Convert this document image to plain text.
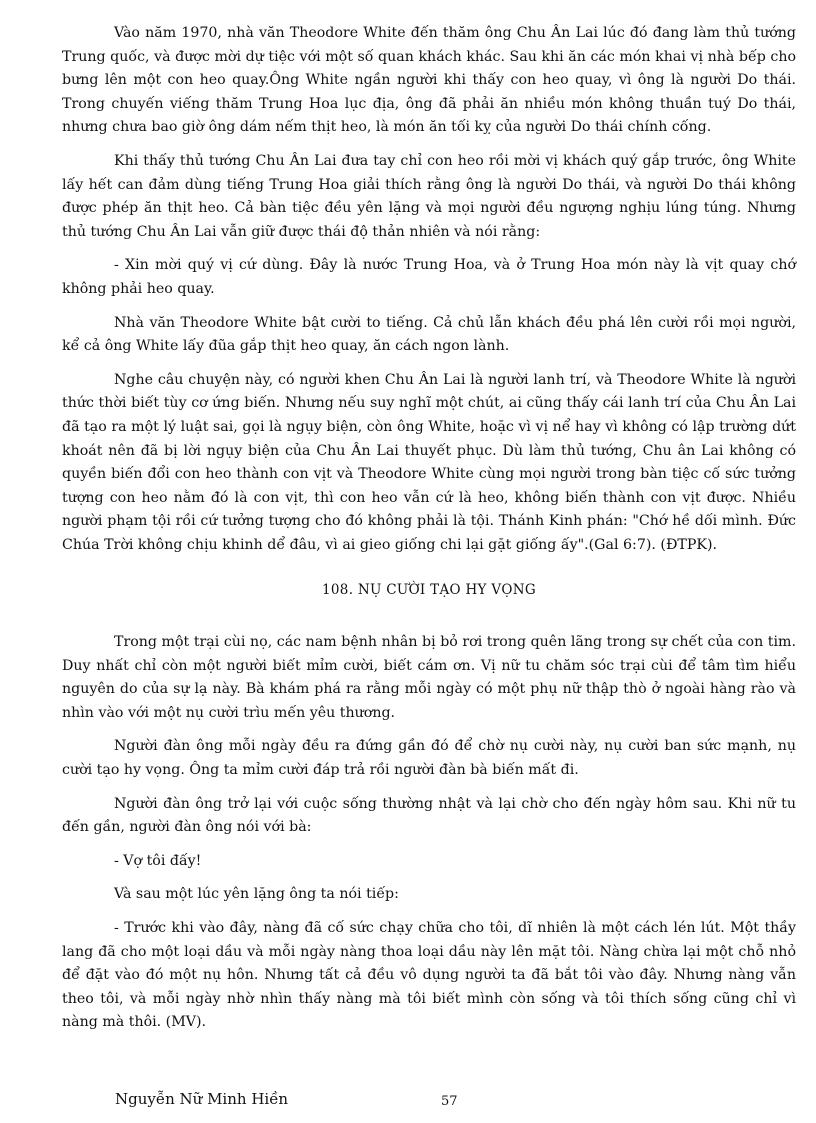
Vào năm 1970, nhà văn Theodore White đến thăm ông Chu Ân Lai lúc đó đang làm thủ tướng Trung quốc, và được mời dự tiệc với một số quan khách khác. Sau khi ăn các món khai vị nhà bếp cho bưng lên một con heo quay.Ông White ngần người khi thấy con heo quay, vì ông là người Do thái. Trong chuyến viếng thăm Trung Hoa lục địa, ông đã phải ăn nhiều món không thuần tuý Do thái, nhưng chưa bao giờ ông dám nếm thịt heo, là món ăn tối kỵ của người Do thái chính cống.

Khi thấy thủ tướng Chu Ân Lai đưa tay chỉ con heo rồi mời vị khách quý gắp trước, ông White lấy hết can đảm dùng tiếng Trung Hoa giải thích rằng ông là người Do thái, và người Do thái không được phép ăn thịt heo. Cả bàn tiệc đều yên lặng và mọi người đều ngượng nghịu lúng túng. Nhưng thủ tướng Chu Ân Lai vẫn giữ được thái độ thản nhiên và nói rằng:

- Xin mời quý vị cứ dùng. Đây là nước Trung Hoa, và ở Trung Hoa món này là vịt quay chớ không phải heo quay.

Nhà văn Theodore White bật cười to tiếng. Cả chủ lẫn khách đều phá lên cười rồi mọi người, kể cả ông White lấy đũa gắp thịt heo quay, ăn cách ngon lành.

Nghe câu chuyện này, có người khen Chu Ân Lai là người lanh trí, và Theodore White là người thức thời biết tùy cơ ứng biến. Nhưng nếu suy nghĩ một chút, ai cũng thấy cái lanh trí của Chu Ân Lai đã tạo ra một lý luật sai, gọi là ngụy biện, còn ông White, hoặc vì vị nể hay vì không có lập trường dứt khoát nên đã bị lời ngụy biện của Chu Ân Lai thuyết phục. Dù làm thủ tướng, Chu ân Lai không có quyền biến đổi con heo thành con vịt và Theodore White cùng mọi người trong bàn tiệc cố sức tưởng tượng con heo nằm đó là con vịt, thì con heo vẫn cứ là heo, không biến thành con vịt được. Nhiều người phạm tội rồi cứ tưởng tượng cho đó không phải là tội. Thánh Kinh phán: "Chớ hề dối mình. Đức Chúa Trời không chịu khinh dể đâu, vì ai gieo giống chi lại gặt giống ấy".(Gal 6:7). (ĐTPK).

108. NỤ CƯỜI TẠO HY VỌNG

Trong một trại cùi nọ, các nam bệnh nhân bị bỏ rơi trong quên lãng trong sự chết của con tim. Duy nhất chỉ còn một người biết mỉm cười, biết cám ơn. Vị nữ tu chăm sóc trại cùi để tâm tìm hiểu nguyên do của sự lạ này. Bà khám phá ra rằng mỗi ngày có một phụ nữ thập thò ở ngoài hàng rào và nhìn vào với một nụ cười trìu mến yêu thương.

Người đàn ông mỗi ngày đều ra đứng gần đó để chờ nụ cười này, nụ cười ban sức mạnh, nụ cười tạo hy vọng. Ông ta mỉm cười đáp trả rồi người đàn bà biến mất đi.

Người đàn ông trở lại với cuộc sống thường nhật và lại chờ cho đến ngày hôm sau. Khi nữ tu đến gần, người đàn ông nói với bà:

- Vợ tôi đấy!

Và sau một lúc yên lặng ông ta nói tiếp:

- Trước khi vào đây, nàng đã cố sức chạy chữa cho tôi, dĩ nhiên là một cách lén lút. Một thầy lang đã cho một loại dầu và mỗi ngày nàng thoa loại dầu này lên mặt tôi. Nàng chừa lại một chỗ nhỏ để đặt vào đó một nụ hôn. Nhưng tất cả đều vô dụng người ta đã bắt tôi vào đây. Nhưng nàng vẫn theo tôi, và mỗi ngày nhờ nhìn thấy nàng mà tôi biết mình còn sống và tôi thích sống cũng chỉ vì nàng mà thôi. (MV).

Nguyễn Nữ Minh Hiền	57
